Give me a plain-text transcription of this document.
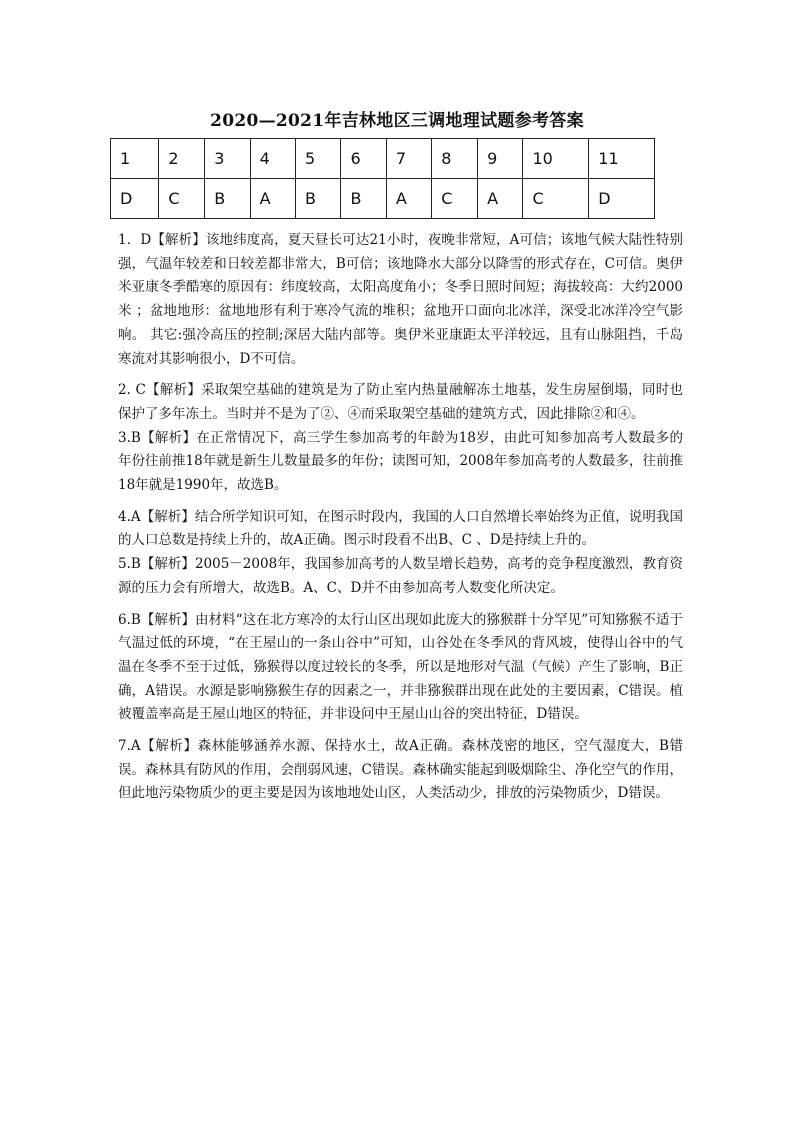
2020—2021年吉林地区三调地理试题参考答案
1	2	3	4	5	6	7	8	9	10	11
D	C	B	A	B	B	A	C	A	C	D

1．D【解析】该地纬度高，夏天昼长可达21小时，夜晚非常短，A可信；该地气候大陆性特别强，气温年较差和日较差都非常大，B可信；该地降水大部分以降雪的形式存在，C可信。奥伊米亚康冬季酷寒的原因有：纬度较高，太阳高度角小；冬季日照时间短；海拔较高：大约2000米 ；盆地地形：盆地地形有利于寒冷气流的堆积；盆地开口面向北冰洋，深受北冰洋冷空气影响。 其它:强冷高压的控制;深居大陆内部等。奥伊米亚康距太平洋较远，且有山脉阻挡，千岛寒流对其影响很小，D不可信。

2. C【解析】采取架空基础的建筑是为了防止室内热量融解冻土地基，发生房屋倒塌，同时也保护了多年冻土。当时并不是为了②、④而采取架空基础的建筑方式，因此排除②和④。

3.B【解析】在正常情况下，高三学生参加高考的年龄为18岁，由此可知参加高考人数最多的年份往前推18年就是新生儿数量最多的年份；读图可知，2008年参加高考的人数最多，往前推18年就是1990年，故选B。

4.A【解析】结合所学知识可知，在图示时段内，我国的人口自然增长率始终为正值，说明我国的人口总数是持续上升的，故A正确。图示时段看不出B、C 、D是持续上升的。

5.B【解析】2005－2008年，我国参加高考的人数呈增长趋势，高考的竞争程度激烈，教育资源的压力会有所增大，故选B。A、C、D并不由参加高考人数变化所决定。

6.B【解析】由材料“这在北方寒冷的太行山区出现如此庞大的猕猴群十分罕见”可知猕猴不适于气温过低的环境，“在王屋山的一条山谷中”可知，山谷处在冬季风的背风坡，使得山谷中的气温在冬季不至于过低，猕猴得以度过较长的冬季，所以是地形对气温（气候）产生了影响，B正确，A错误。水源是影响猕猴生存的因素之一，并非猕猴群出现在此处的主要因素，C错误。植被覆盖率高是王屋山地区的特征，并非设问中王屋山山谷的突出特征，D错误。

7.A【解析】森林能够涵养水源、保持水土，故A正确。森林茂密的地区，空气湿度大，B错误。森林具有防风的作用，会削弱风速，C错误。森林确实能起到吸烟除尘、净化空气的作用，但此地污染物质少的更主要是因为该地地处山区，人类活动少，排放的污染物质少，D错误。
